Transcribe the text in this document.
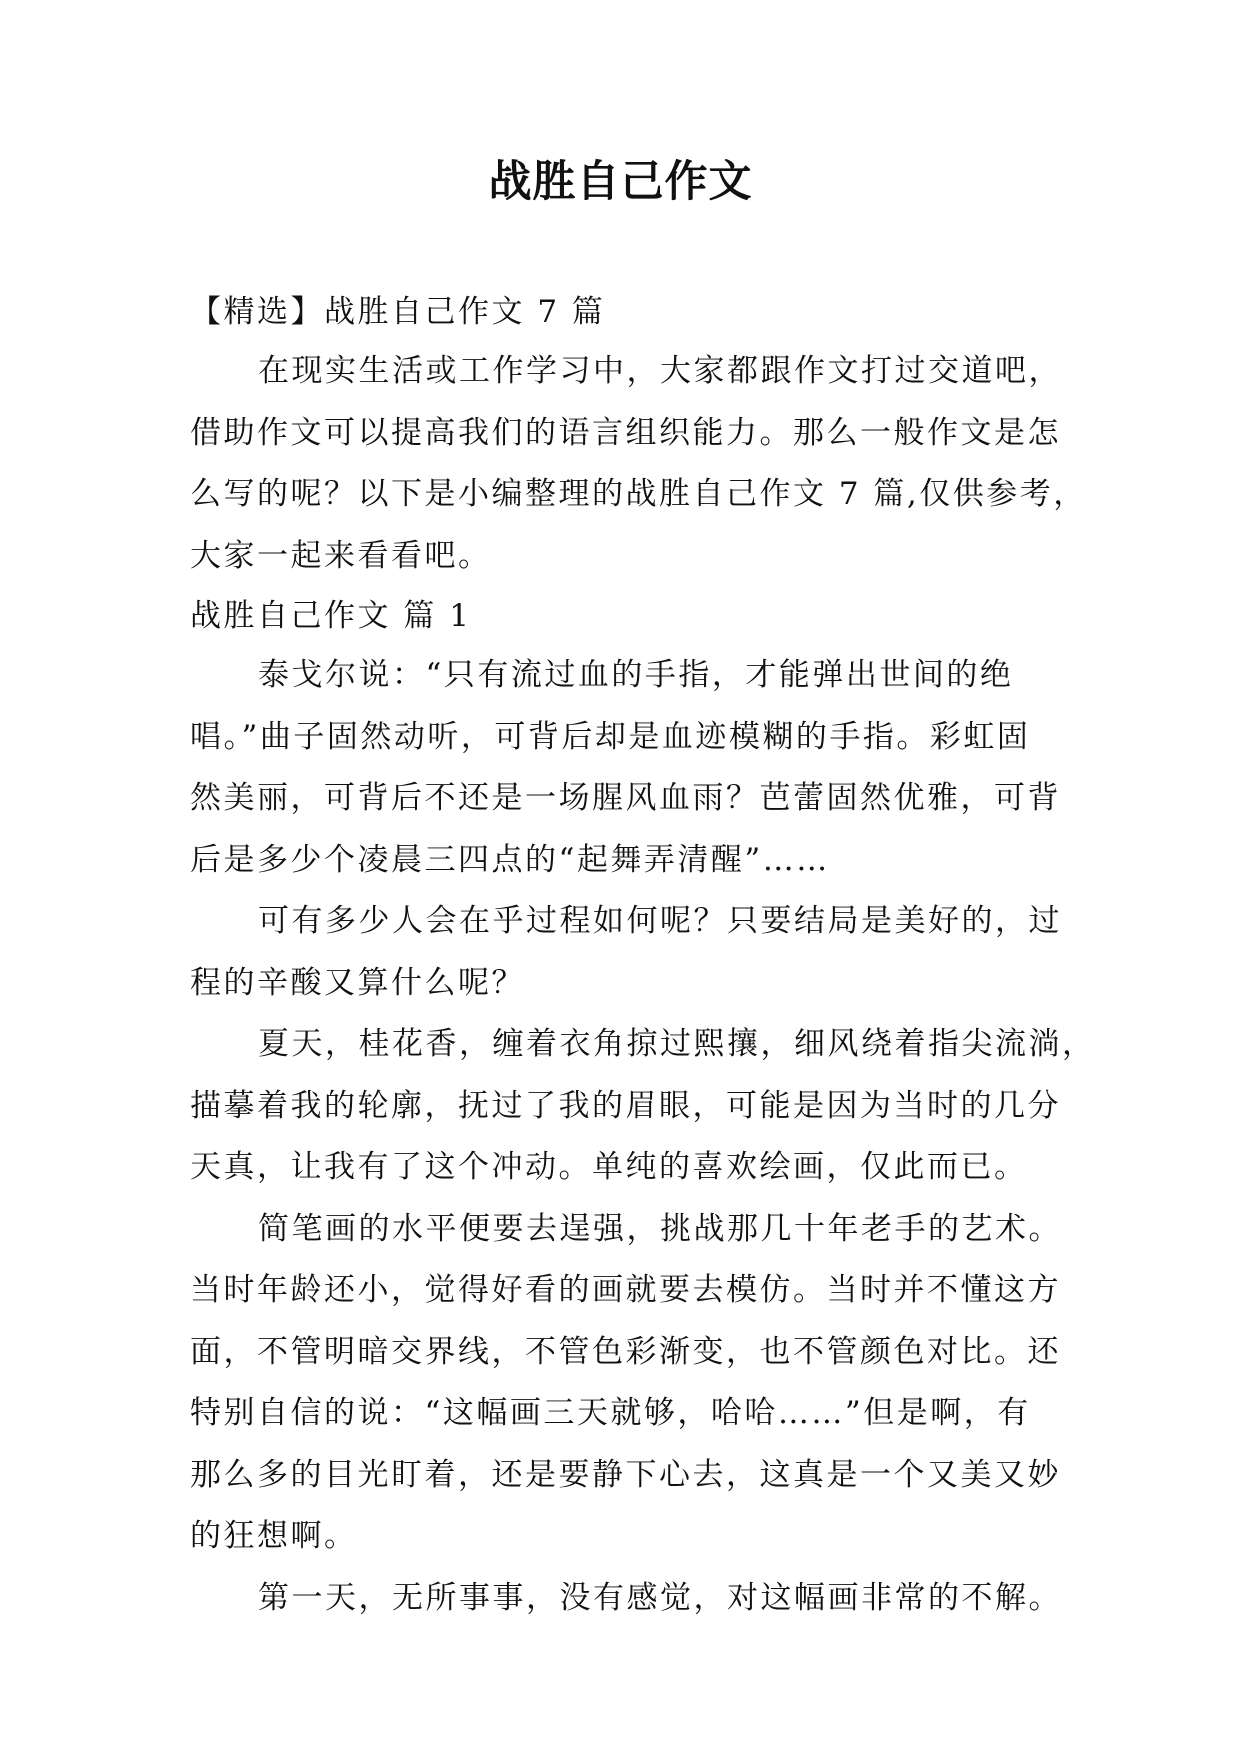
战胜自己作文

【精选】战胜自己作文 7 篇

在现实生活或工作学习中，大家都跟作文打过交道吧，

借助作文可以提高我们的语言组织能力。那么一般作文是怎

么写的呢？以下是小编整理的战胜自己作文 7 篇,仅供参考，

大家一起来看看吧。

战胜自己作文 篇 1

泰戈尔说：“只有流过血的手指，才能弹出世间的绝

唱。”曲子固然动听，可背后却是血迹模糊的手指。彩虹固

然美丽，可背后不还是一场腥风血雨？芭蕾固然优雅，可背

后是多少个凌晨三四点的“起舞弄清醒”……

可有多少人会在乎过程如何呢？只要结局是美好的，过

程的辛酸又算什么呢？

夏天，桂花香，缠着衣角掠过熙攘，细风绕着指尖流淌，

描摹着我的轮廓，抚过了我的眉眼，可能是因为当时的几分

天真，让我有了这个冲动。单纯的喜欢绘画，仅此而已。

简笔画的水平便要去逞强，挑战那几十年老手的艺术。

当时年龄还小，觉得好看的画就要去模仿。当时并不懂这方

面，不管明暗交界线，不管色彩渐变，也不管颜色对比。还

特别自信的说：“这幅画三天就够，哈哈……”但是啊，有

那么多的目光盯着，还是要静下心去，这真是一个又美又妙

的狂想啊。

第一天，无所事事，没有感觉，对这幅画非常的不解。
